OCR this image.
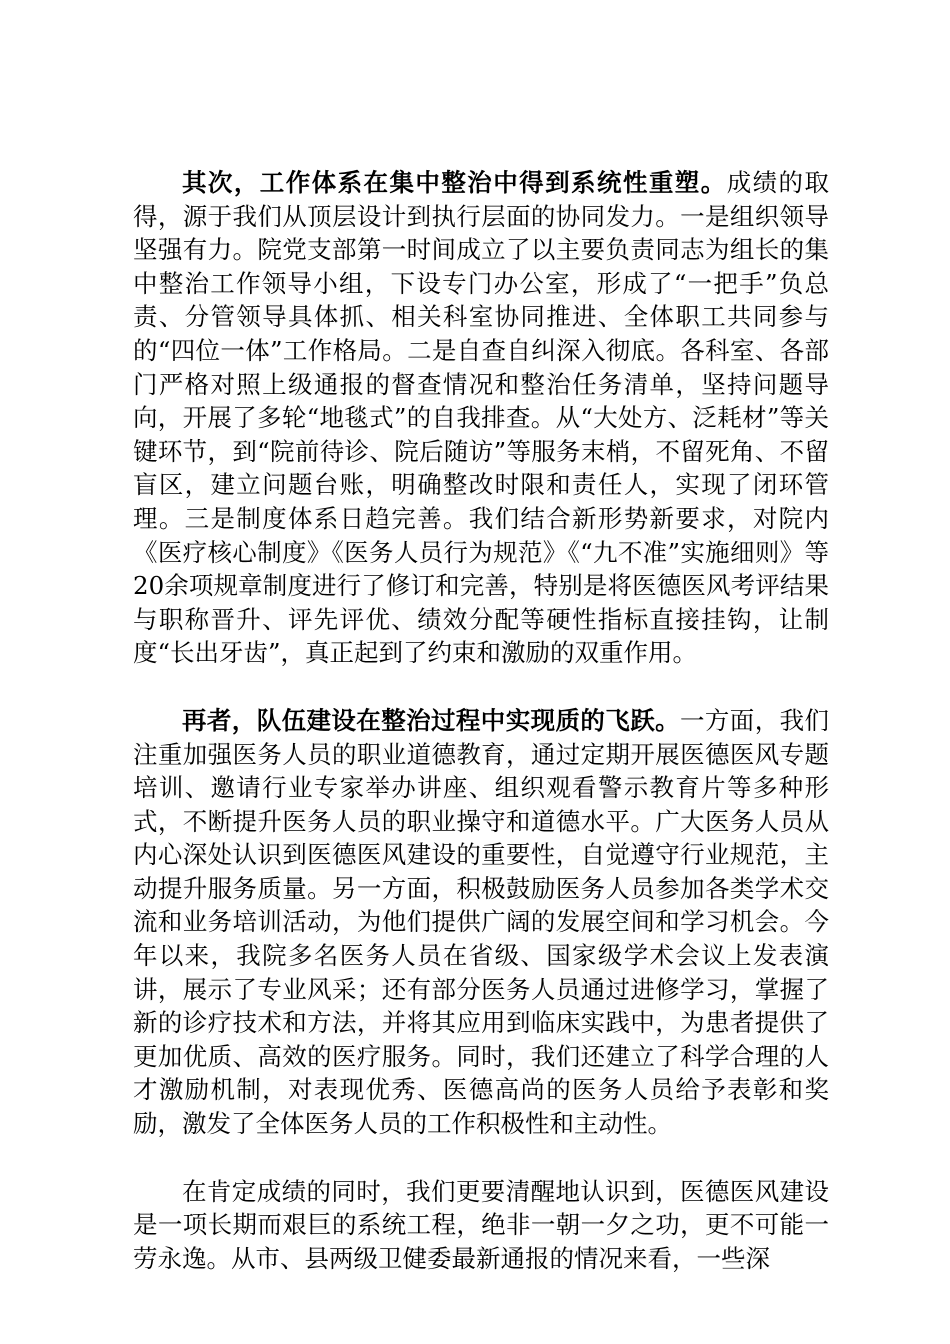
其次，工作体系在集中整治中得到系统性重塑。成绩的取得，源于我们从顶层设计到执行层面的协同发力。一是组织领导坚强有力。院党支部第一时间成立了以主要负责同志为组长的集中整治工作领导小组，下设专门办公室，形成了“一把手”负总责、分管领导具体抓、相关科室协同推进、全体职工共同参与的“四位一体”工作格局。二是自查自纠深入彻底。各科室、各部门严格对照上级通报的督查情况和整治任务清单，坚持问题导向，开展了多轮“地毯式”的自我排查。从“大处方、泛耗材”等关键环节，到“院前待诊、院后随访”等服务末梢，不留死角、不留盲区，建立问题台账，明确整改时限和责任人，实现了闭环管理。三是制度体系日趋完善。我们结合新形势新要求，对院内《医疗核心制度》《医务人员行为规范》《“九不准”实施细则》等20余项规章制度进行了修订和完善，特别是将医德医风考评结果与职称晋升、评先评优、绩效分配等硬性指标直接挂钩，让制度“长出牙齿”，真正起到了约束和激励的双重作用。

再者，队伍建设在整治过程中实现质的飞跃。一方面，我们注重加强医务人员的职业道德教育，通过定期开展医德医风专题培训、邀请行业专家举办讲座、组织观看警示教育片等多种形式，不断提升医务人员的职业操守和道德水平。广大医务人员从内心深处认识到医德医风建设的重要性，自觉遵守行业规范，主动提升服务质量。另一方面，积极鼓励医务人员参加各类学术交流和业务培训活动，为他们提供广阔的发展空间和学习机会。今年以来，我院多名医务人员在省级、国家级学术会议上发表演讲，展示了专业风采；还有部分医务人员通过进修学习，掌握了新的诊疗技术和方法，并将其应用到临床实践中，为患者提供了更加优质、高效的医疗服务。同时，我们还建立了科学合理的人才激励机制，对表现优秀、医德高尚的医务人员给予表彰和奖励，激发了全体医务人员的工作积极性和主动性。

在肯定成绩的同时，我们更要清醒地认识到，医德医风建设是一项长期而艰巨的系统工程，绝非一朝一夕之功，更不可能一劳永逸。从市、县两级卫健委最新通报的情况来看，一些深
